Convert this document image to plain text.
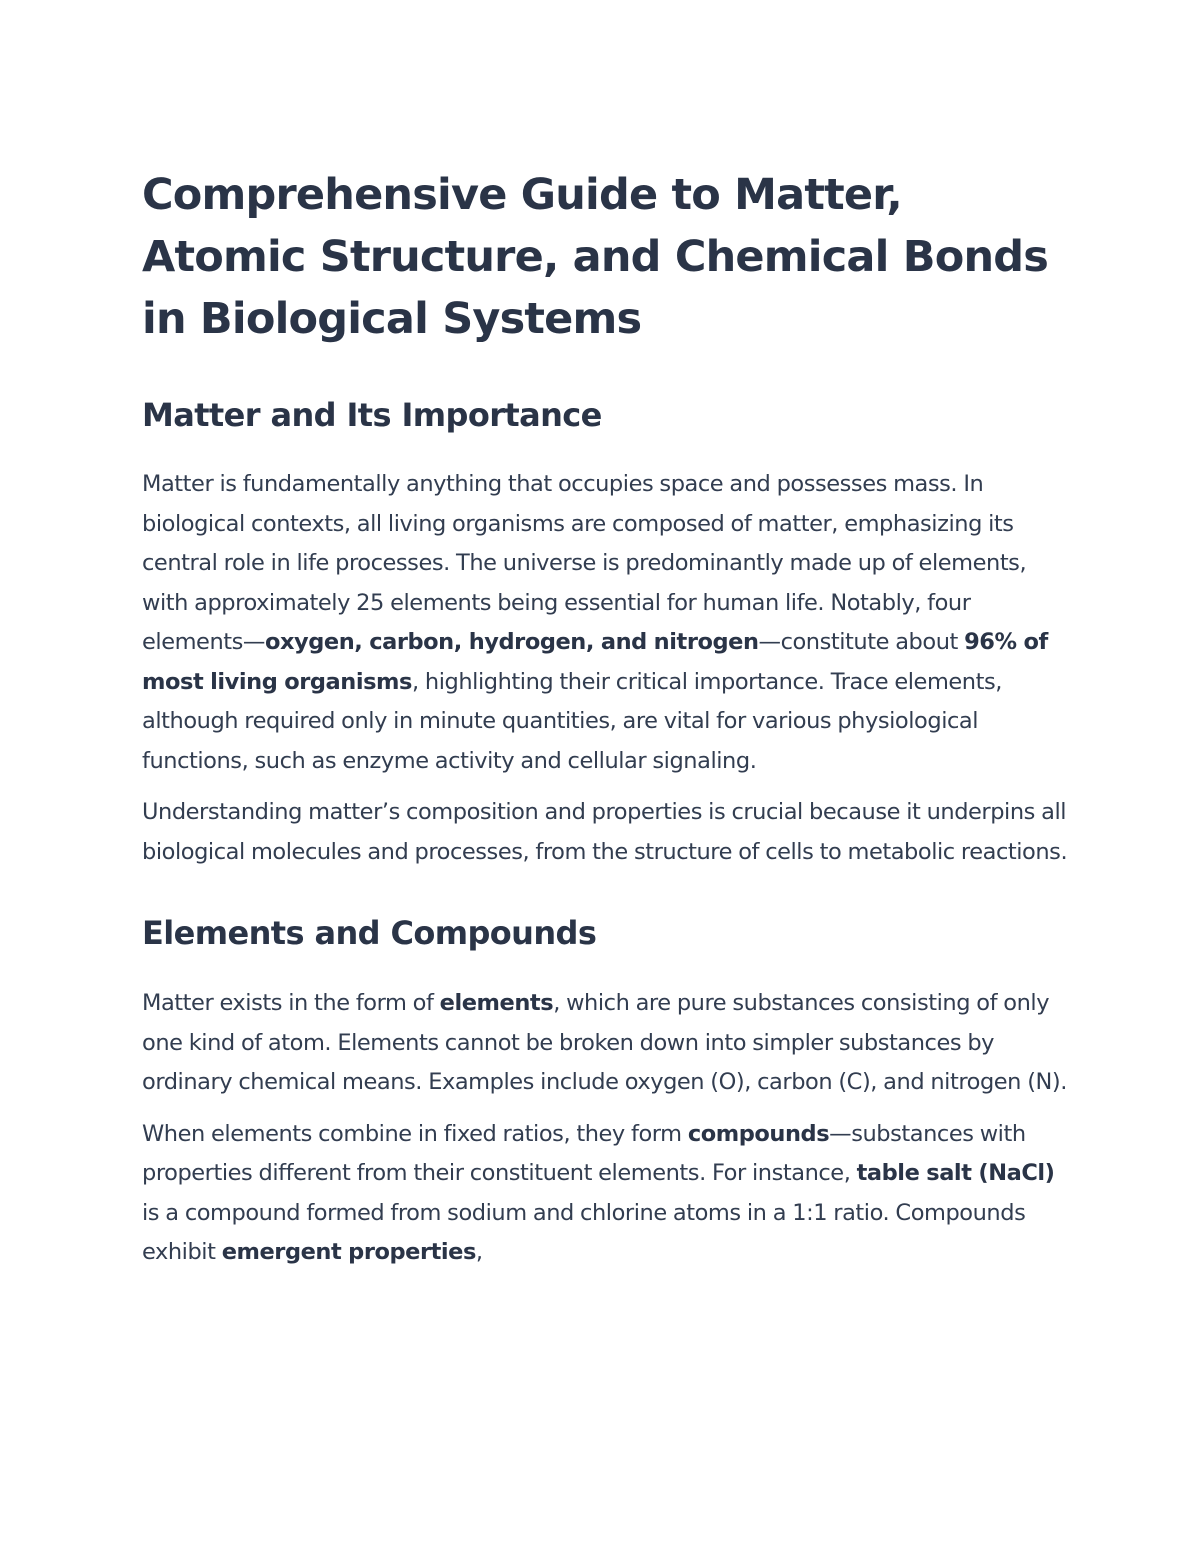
Comprehensive Guide to Matter, Atomic Structure, and Chemical Bonds in Biological Systems
Matter and Its Importance

Matter is fundamentally anything that occupies space and possesses mass. In biological contexts, all living organisms are composed of matter, emphasizing its central role in life processes. The universe is predominantly made up of elements, with approximately 25 elements being essential for human life. Notably, four elements—oxygen, carbon, hydrogen, and nitrogen—constitute about 96% of most living organisms, highlighting their critical importance. Trace elements, although required only in minute quantities, are vital for various physiological functions, such as enzyme activity and cellular signaling.

Understanding matter’s composition and properties is crucial because it underpins all biological molecules and processes, from the structure of cells to metabolic reactions.

Elements and Compounds

Matter exists in the form of elements, which are pure substances consisting of only one kind of atom. Elements cannot be broken down into simpler substances by ordinary chemical means. Examples include oxygen (O), carbon (C), and nitrogen (N).

When elements combine in fixed ratios, they form compounds—substances with properties different from their constituent elements. For instance, table salt (NaCl) is a compound formed from sodium and chlorine atoms in a 1:1 ratio. Compounds exhibit emergent properties,
